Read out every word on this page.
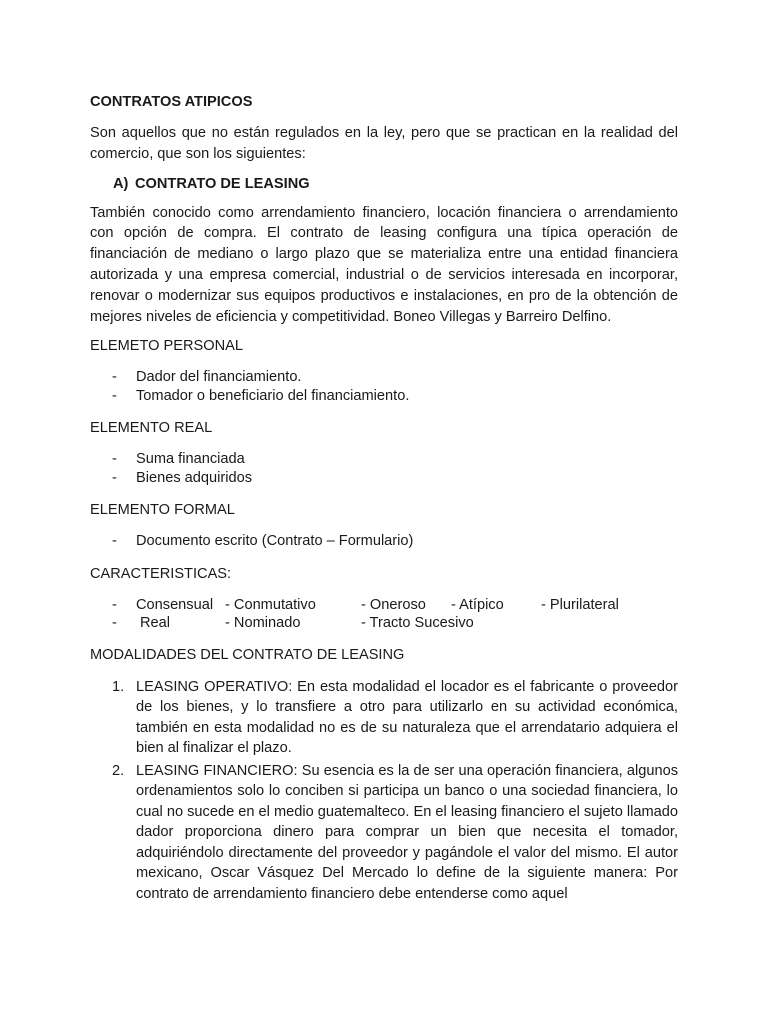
CONTRATOS ATIPICOS

Son aquellos que no están regulados en la ley, pero que se practican en la realidad del comercio, que son los siguientes:

A) CONTRATO DE LEASING

También conocido como arrendamiento financiero, locación financiera o arrendamiento con opción de compra. El contrato de leasing configura una típica operación de financiación de mediano o largo plazo que se materializa entre una entidad financiera autorizada y una empresa comercial, industrial o de servicios interesada en incorporar, renovar o modernizar sus equipos productivos e instalaciones, en pro de la obtención de mejores niveles de eficiencia y competitividad. Boneo Villegas y Barreiro Delfino.

ELEMETO PERSONAL
- Dador del financiamiento.
- Tomador o beneficiario del financiamiento.
ELEMENTO REAL
- Suma financiada
- Bienes adquiridos
ELEMENTO FORMAL
- Documento escrito (Contrato – Formulario)
CARACTERISTICAS:
- Consensual - Conmutativo	- Oneroso - Atípico	- Plurilateral
- Real	- Nominado	- Tracto Sucesivo
MODALIDADES DEL CONTRATO DE LEASING
1. LEASING OPERATIVO: En esta modalidad el locador es el fabricante o proveedor de los bienes, y lo transfiere a otro para utilizarlo en su actividad económica, también en esta modalidad no es de su naturaleza que el arrendatario adquiera el bien al finalizar el plazo.
2. LEASING FINANCIERO: Su esencia es la de ser una operación financiera, algunos ordenamientos solo lo conciben si participa un banco o una sociedad financiera, lo cual no sucede en el medio guatemalteco. En el leasing financiero el sujeto llamado dador proporciona dinero para comprar un bien que necesita el tomador, adquiriéndolo directamente del proveedor y pagándole el valor del mismo. El autor mexicano, Oscar Vásquez Del Mercado lo define de la siguiente manera: Por contrato de arrendamiento financiero debe entenderse como aquel
